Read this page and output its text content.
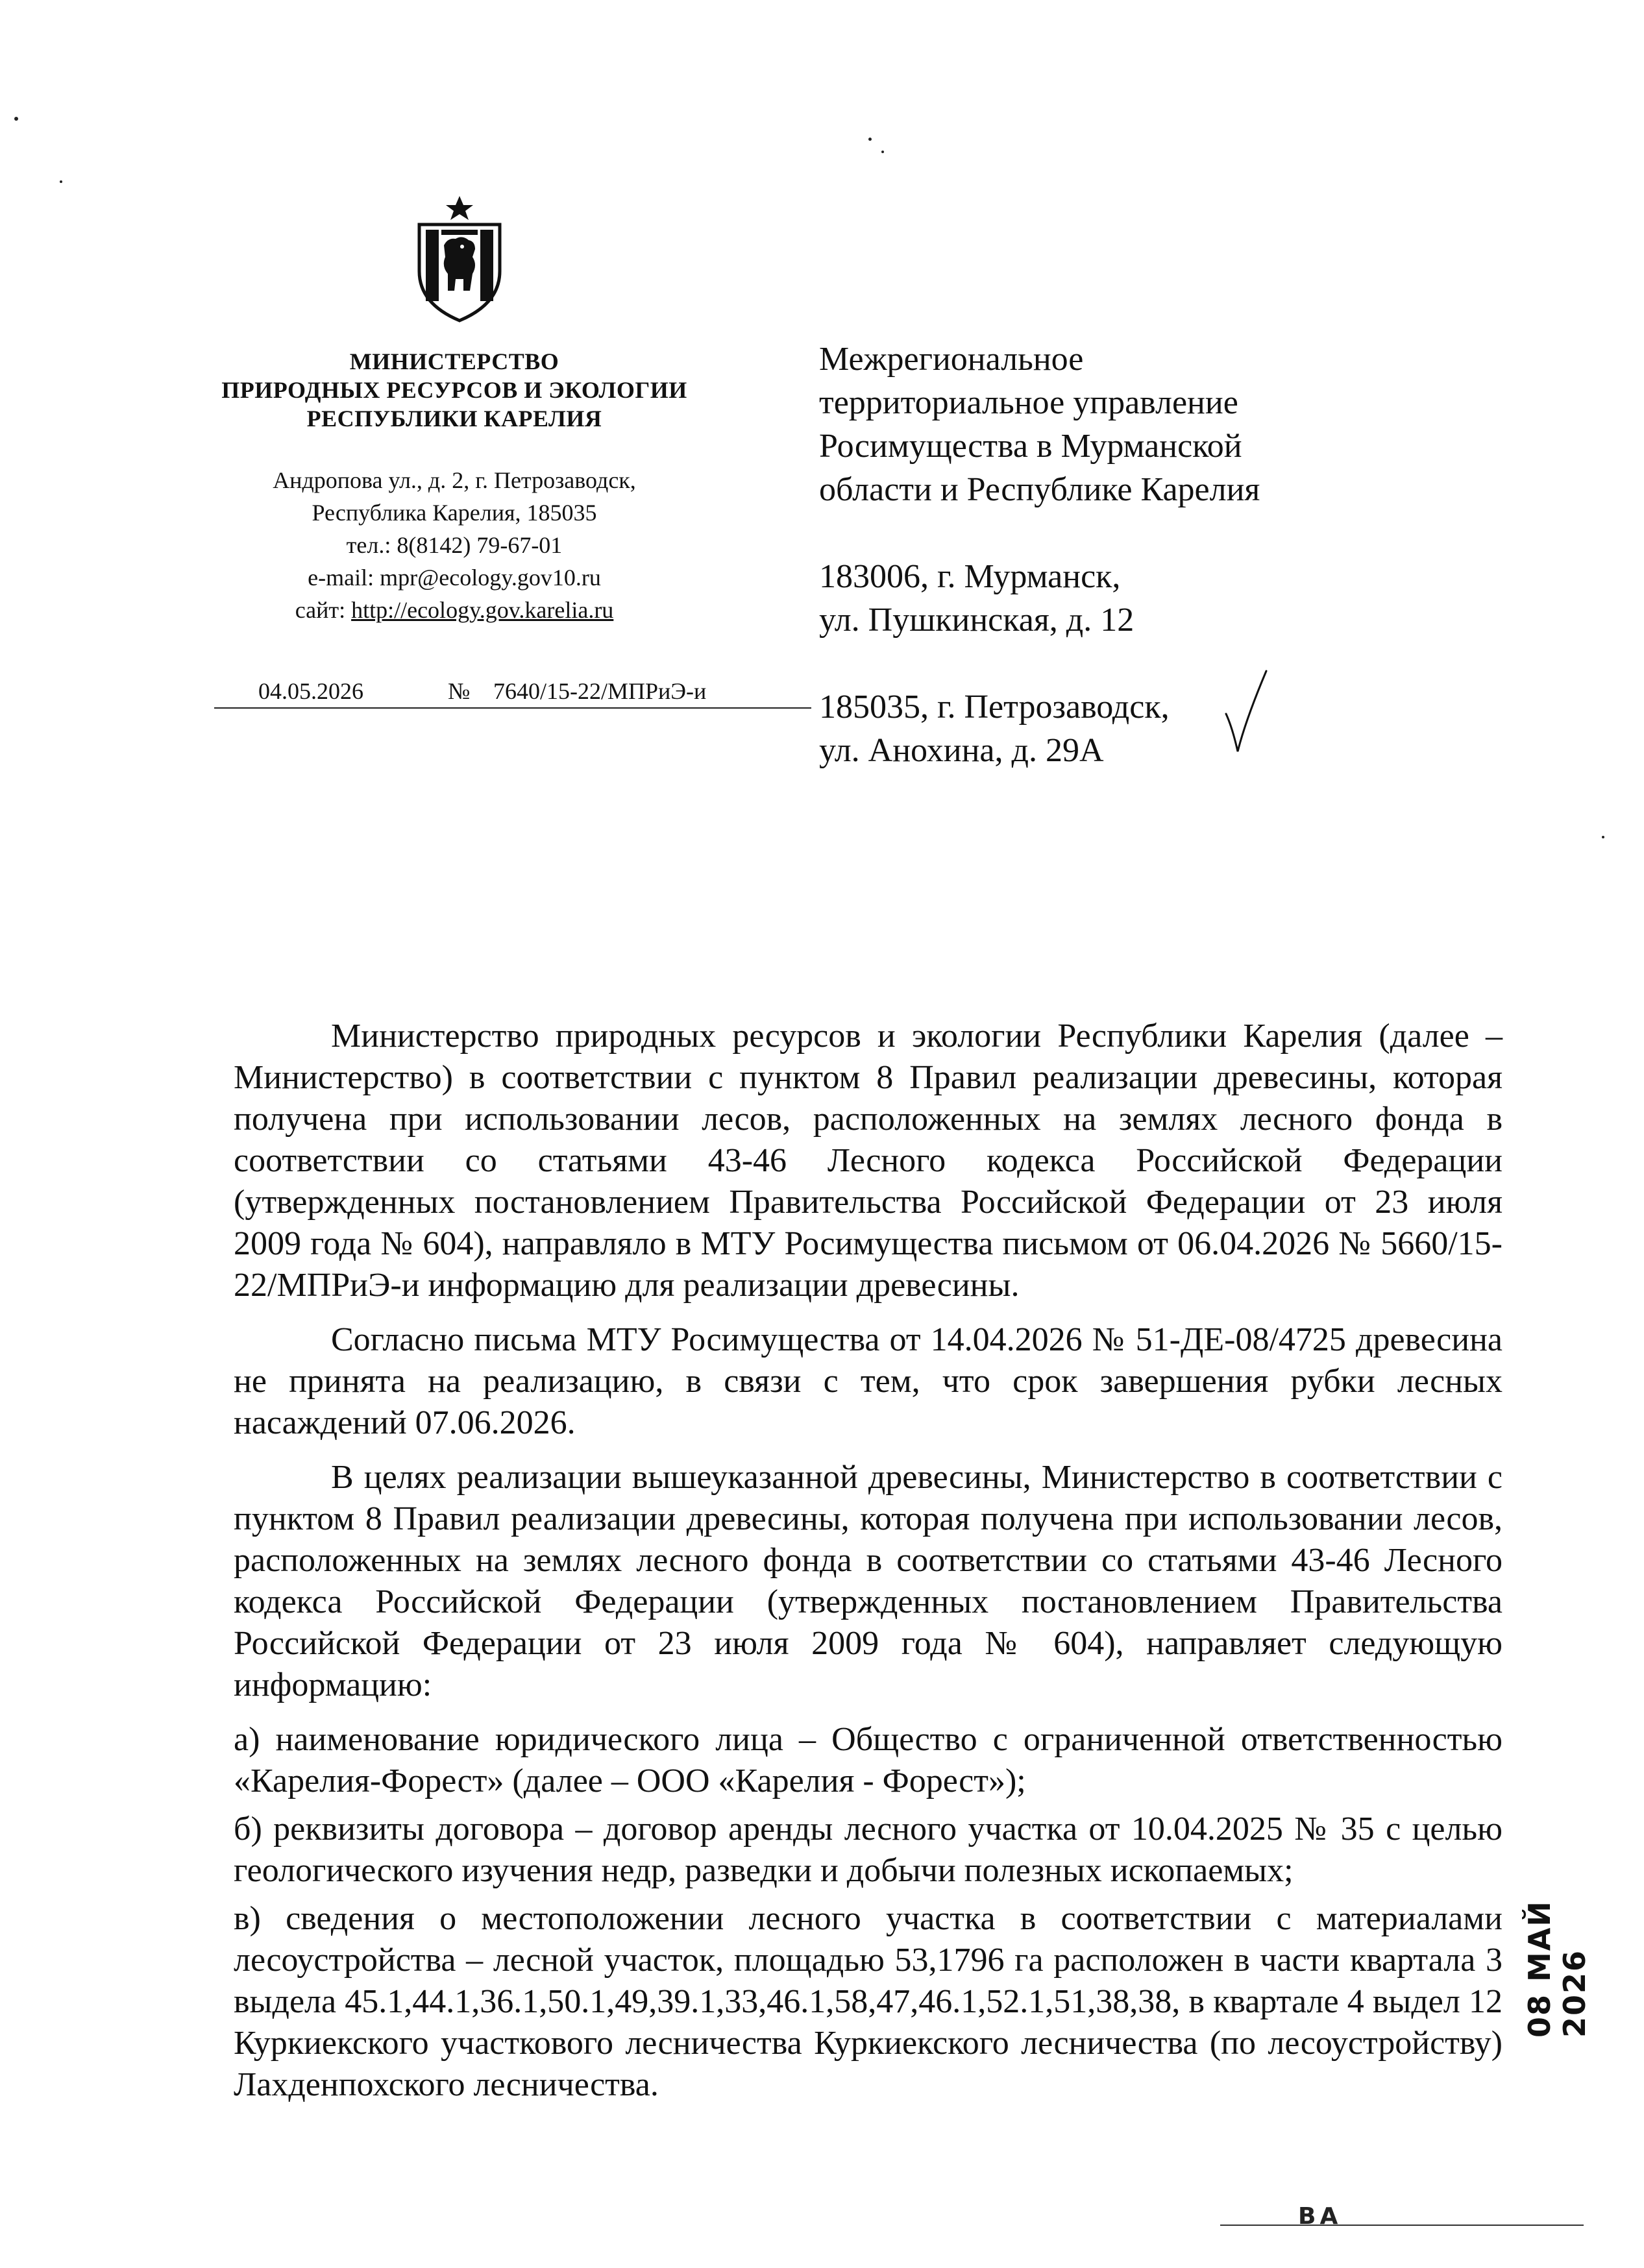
МИНИСТЕРСТВО
ПРИРОДНЫХ РЕСУРСОВ И ЭКОЛОГИИ
РЕСПУБЛИКИ КАРЕЛИЯ
Андропова ул., д. 2, г. Петрозаводск,
Республика Карелия, 185035
тел.: 8(8142) 79-67-01
e-mail: mpr@ecology.gov10.ru
сайт: http://ecology.gov.karelia.ru
04.05.2026	№ 7640/15-22/МПРиЭ-и

Межрегиональное

территориальное управление

Росимущества в Мурманской

области и Республике Карелия

183006, г. Мурманск,

ул. Пушкинская, д. 12

185035, г. Петрозаводск,

ул. Анохина, д. 29А

Министерство природных ресурсов и экологии Республики Карелия (далее – Министерство) в соответствии с пунктом 8 Правил реализации древесины, которая получена при использовании лесов, расположенных на землях лесного фонда в соответствии со статьями 43-46 Лесного кодекса Российской Федерации (утвержденных постановлением Правительства Российской Федерации от 23 июля 2009 года № 604), направляло в МТУ Росимущества письмом от 06.04.2026 № 5660/15-22/МПРиЭ-и информацию для реализации древесины.

Согласно письма МТУ Росимущества от 14.04.2026 № 51-ДЕ-08/4725 древесина не принята на реализацию, в связи с тем, что срок завершения рубки лесных насаждений 07.06.2026.

В целях реализации вышеуказанной древесины, Министерство в соответствии с пунктом 8 Правил реализации древесины, которая получена при использовании лесов, расположенных на землях лесного фонда в соответствии со статьями 43-46 Лесного кодекса Российской Федерации (утвержденных постановлением Правительства Российской Федерации от 23 июля 2009 года № 604), направляет следующую информацию:

а) наименование юридического лица – Общество с ограниченной ответственностью «Карелия-Форест» (далее – ООО «Карелия - Форест»);

б) реквизиты договора – договор аренды лесного участка от 10.04.2025 № 35 с целью геологического изучения недр, разведки и добычи полезных ископаемых;

в) сведения о местоположении лесного участка в соответствии с материалами лесоустройства – лесной участок, площадью 53,1796 га расположен в части квартала 3 выдела 45.1,44.1,36.1,50.1,49,39.1,33,46.1,58,47,46.1,52.1,51,38,38, в квартале 4 выдел 12 Куркиекского участкового лесничества Куркиекского лесничества (по лесоустройству) Лахденпохского лесничества.

08 МАЙ 2026
ВА
